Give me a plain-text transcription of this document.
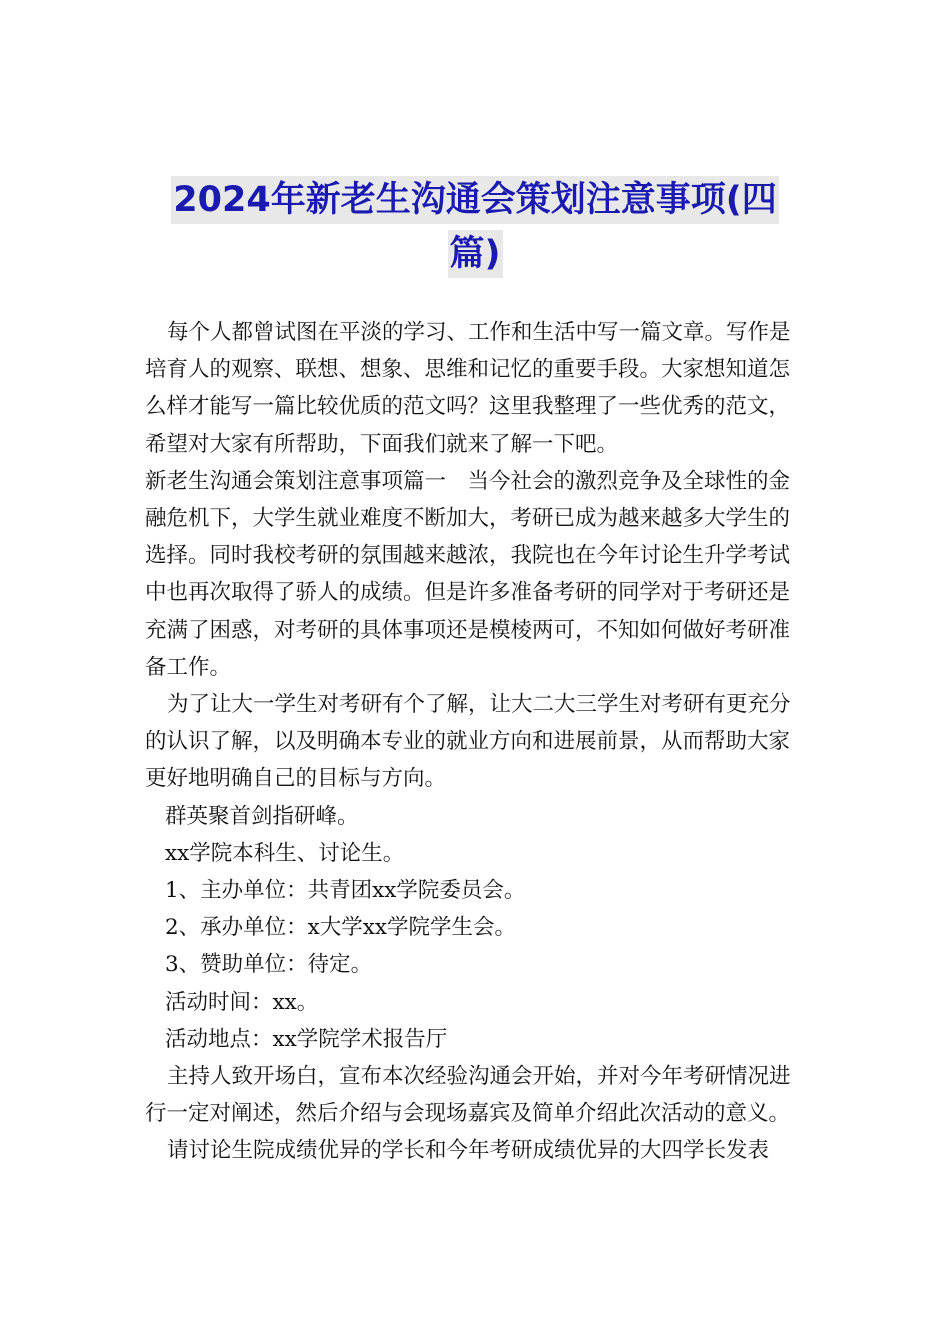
2024年新老生沟通会策划注意事项(四
篇)

每个人都曾试图在平淡的学习、工作和生活中写一篇文章。写作是培育人的观察、联想、想象、思维和记忆的重要手段。大家想知道怎么样才能写一篇比较优质的范文吗？这里我整理了一些优秀的范文，希望对大家有所帮助，下面我们就来了解一下吧。

新老生沟通会策划注意事项篇一　当今社会的激烈竞争及全球性的金融危机下，大学生就业难度不断加大，考研已成为越来越多大学生的选择。同时我校考研的氛围越来越浓，我院也在今年讨论生升学考试中也再次取得了骄人的成绩。但是许多准备考研的同学对于考研还是充满了困惑，对考研的具体事项还是模棱两可，不知如何做好考研准备工作。

为了让大一学生对考研有个了解，让大二大三学生对考研有更充分的认识了解，以及明确本专业的就业方向和进展前景，从而帮助大家更好地明确自己的目标与方向。

群英聚首剑指研峰。

xx学院本科生、讨论生。

1、主办单位：共青团xx学院委员会。

2、承办单位：x大学xx学院学生会。

3、赞助单位：待定。

活动时间：xx。

活动地点：xx学院学术报告厅

主持人致开场白，宣布本次经验沟通会开始，并对今年考研情况进行一定对阐述，然后介绍与会现场嘉宾及简单介绍此次活动的意义。

请讨论生院成绩优异的学长和今年考研成绩优异的大四学长发表
